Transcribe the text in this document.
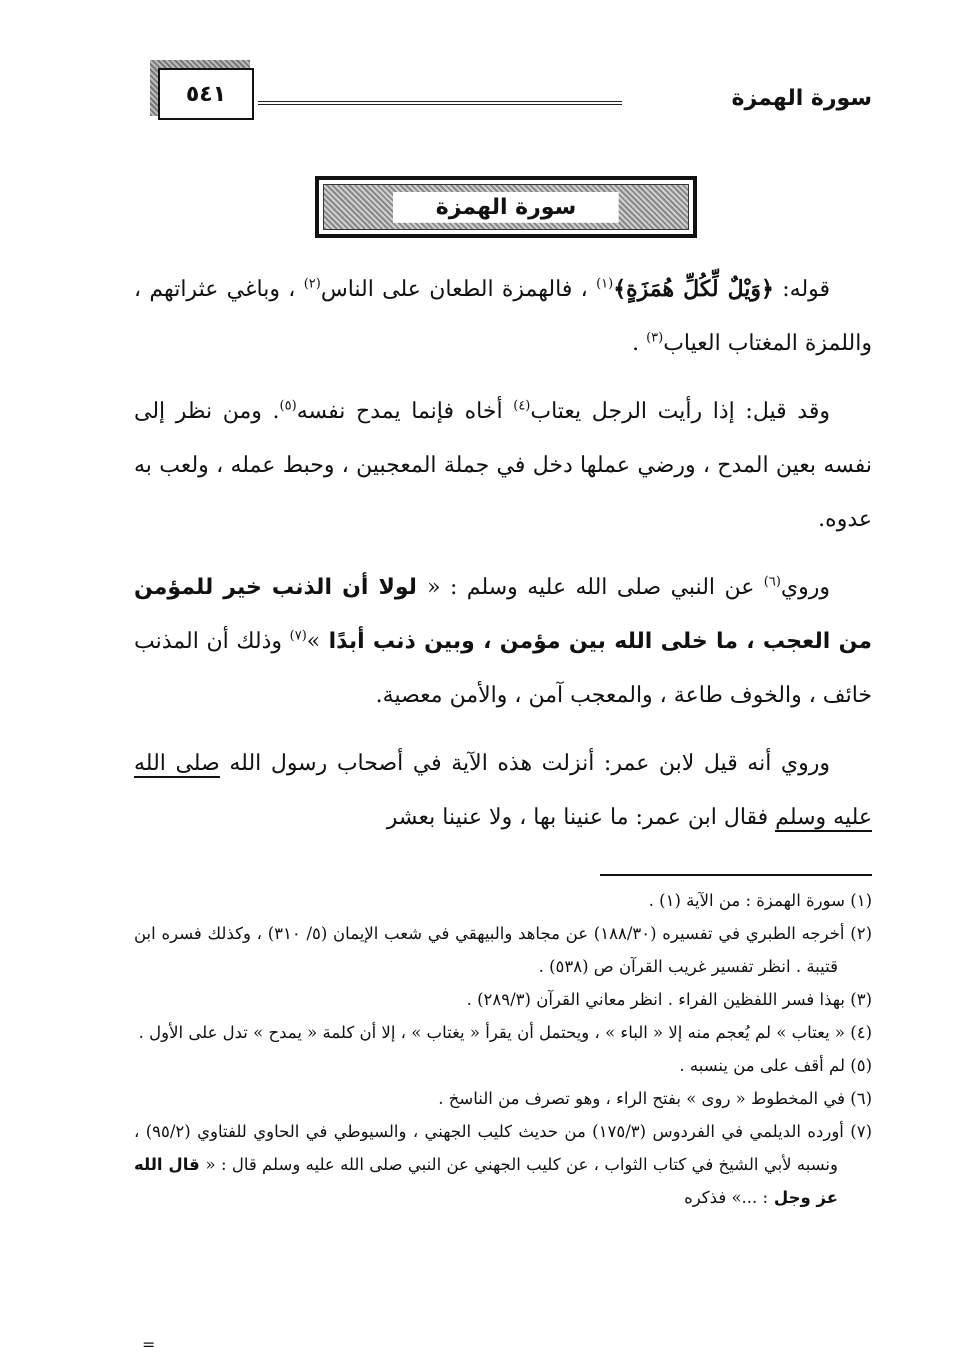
سورة الهمزة
٥٤١
سورة الهمزة

قوله: ﴿وَيْلٌ لِّكُلِّ هُمَزَةٍ﴾$^{(١)}$ ، فالهمزة الطعان على الناس$^{(٢)}$ ، وباغي عثراتهم ، واللمزة المغتاب العياب$^{(٣)}$ .

وقد قيل: إذا رأيت الرجل يعتاب$^{(٤)}$ أخاه فإنما يمدح نفسه$^{(٥)}$. ومن نظر إلى نفسه بعين المدح ، ورضي عملها دخل في جملة المعجبين ، وحبط عمله ، ولعب به عدوه.

وروي$^{(٦)}$ عن النبي صلى الله عليه وسلم : « لولا أن الذنب خير للمؤمن من العجب ، ما خلى الله بين مؤمن ، وبين ذنب أبدًا »$^{(٧)}$ وذلك أن المذنب خائف ، والخوف طاعة ، والمعجب آمن ، والأمن معصية.

وروي أنه قيل لابن عمر: أنزلت هذه الآية في أصحاب رسول الله صلى الله عليه وسلم فقال ابن عمر: ما عنينا بها ، ولا عنينا بعشر

(١) سورة الهمزة : من الآية (١) .

(٢) أخرجه الطبري في تفسيره (١٨٨/٣٠) عن مجاهد والبيهقي في شعب الإيمان (٥/ ٣١٠) ، وكذلك فسره ابن قتيبة . انظر تفسير غريب القرآن ص (٥٣٨) .

(٣) بهذا فسر اللفظين الفراء . انظر معاني القرآن (٢٨٩/٣) .

(٤) « يعتاب » لم يُعجم منه إلا « الباء » ، ويحتمل أن يقرأ « يغتاب » ، إلا أن كلمة « يمدح » تدل على الأول .

(٥) لم أقف على من ينسبه .

(٦) في المخطوط « روى » بفتح الراء ، وهو تصرف من الناسخ .

(٧) أورده الديلمي في الفردوس (١٧٥/٣) من حديث كليب الجهني ، والسيوطي في الحاوي للفتاوي (٩٥/٢) ، ونسبه لأبي الشيخ في كتاب الثواب ، عن كليب الجهني عن النبي صلى الله عليه وسلم قال : « قال الله عز وجل : ...» فذكره

=
